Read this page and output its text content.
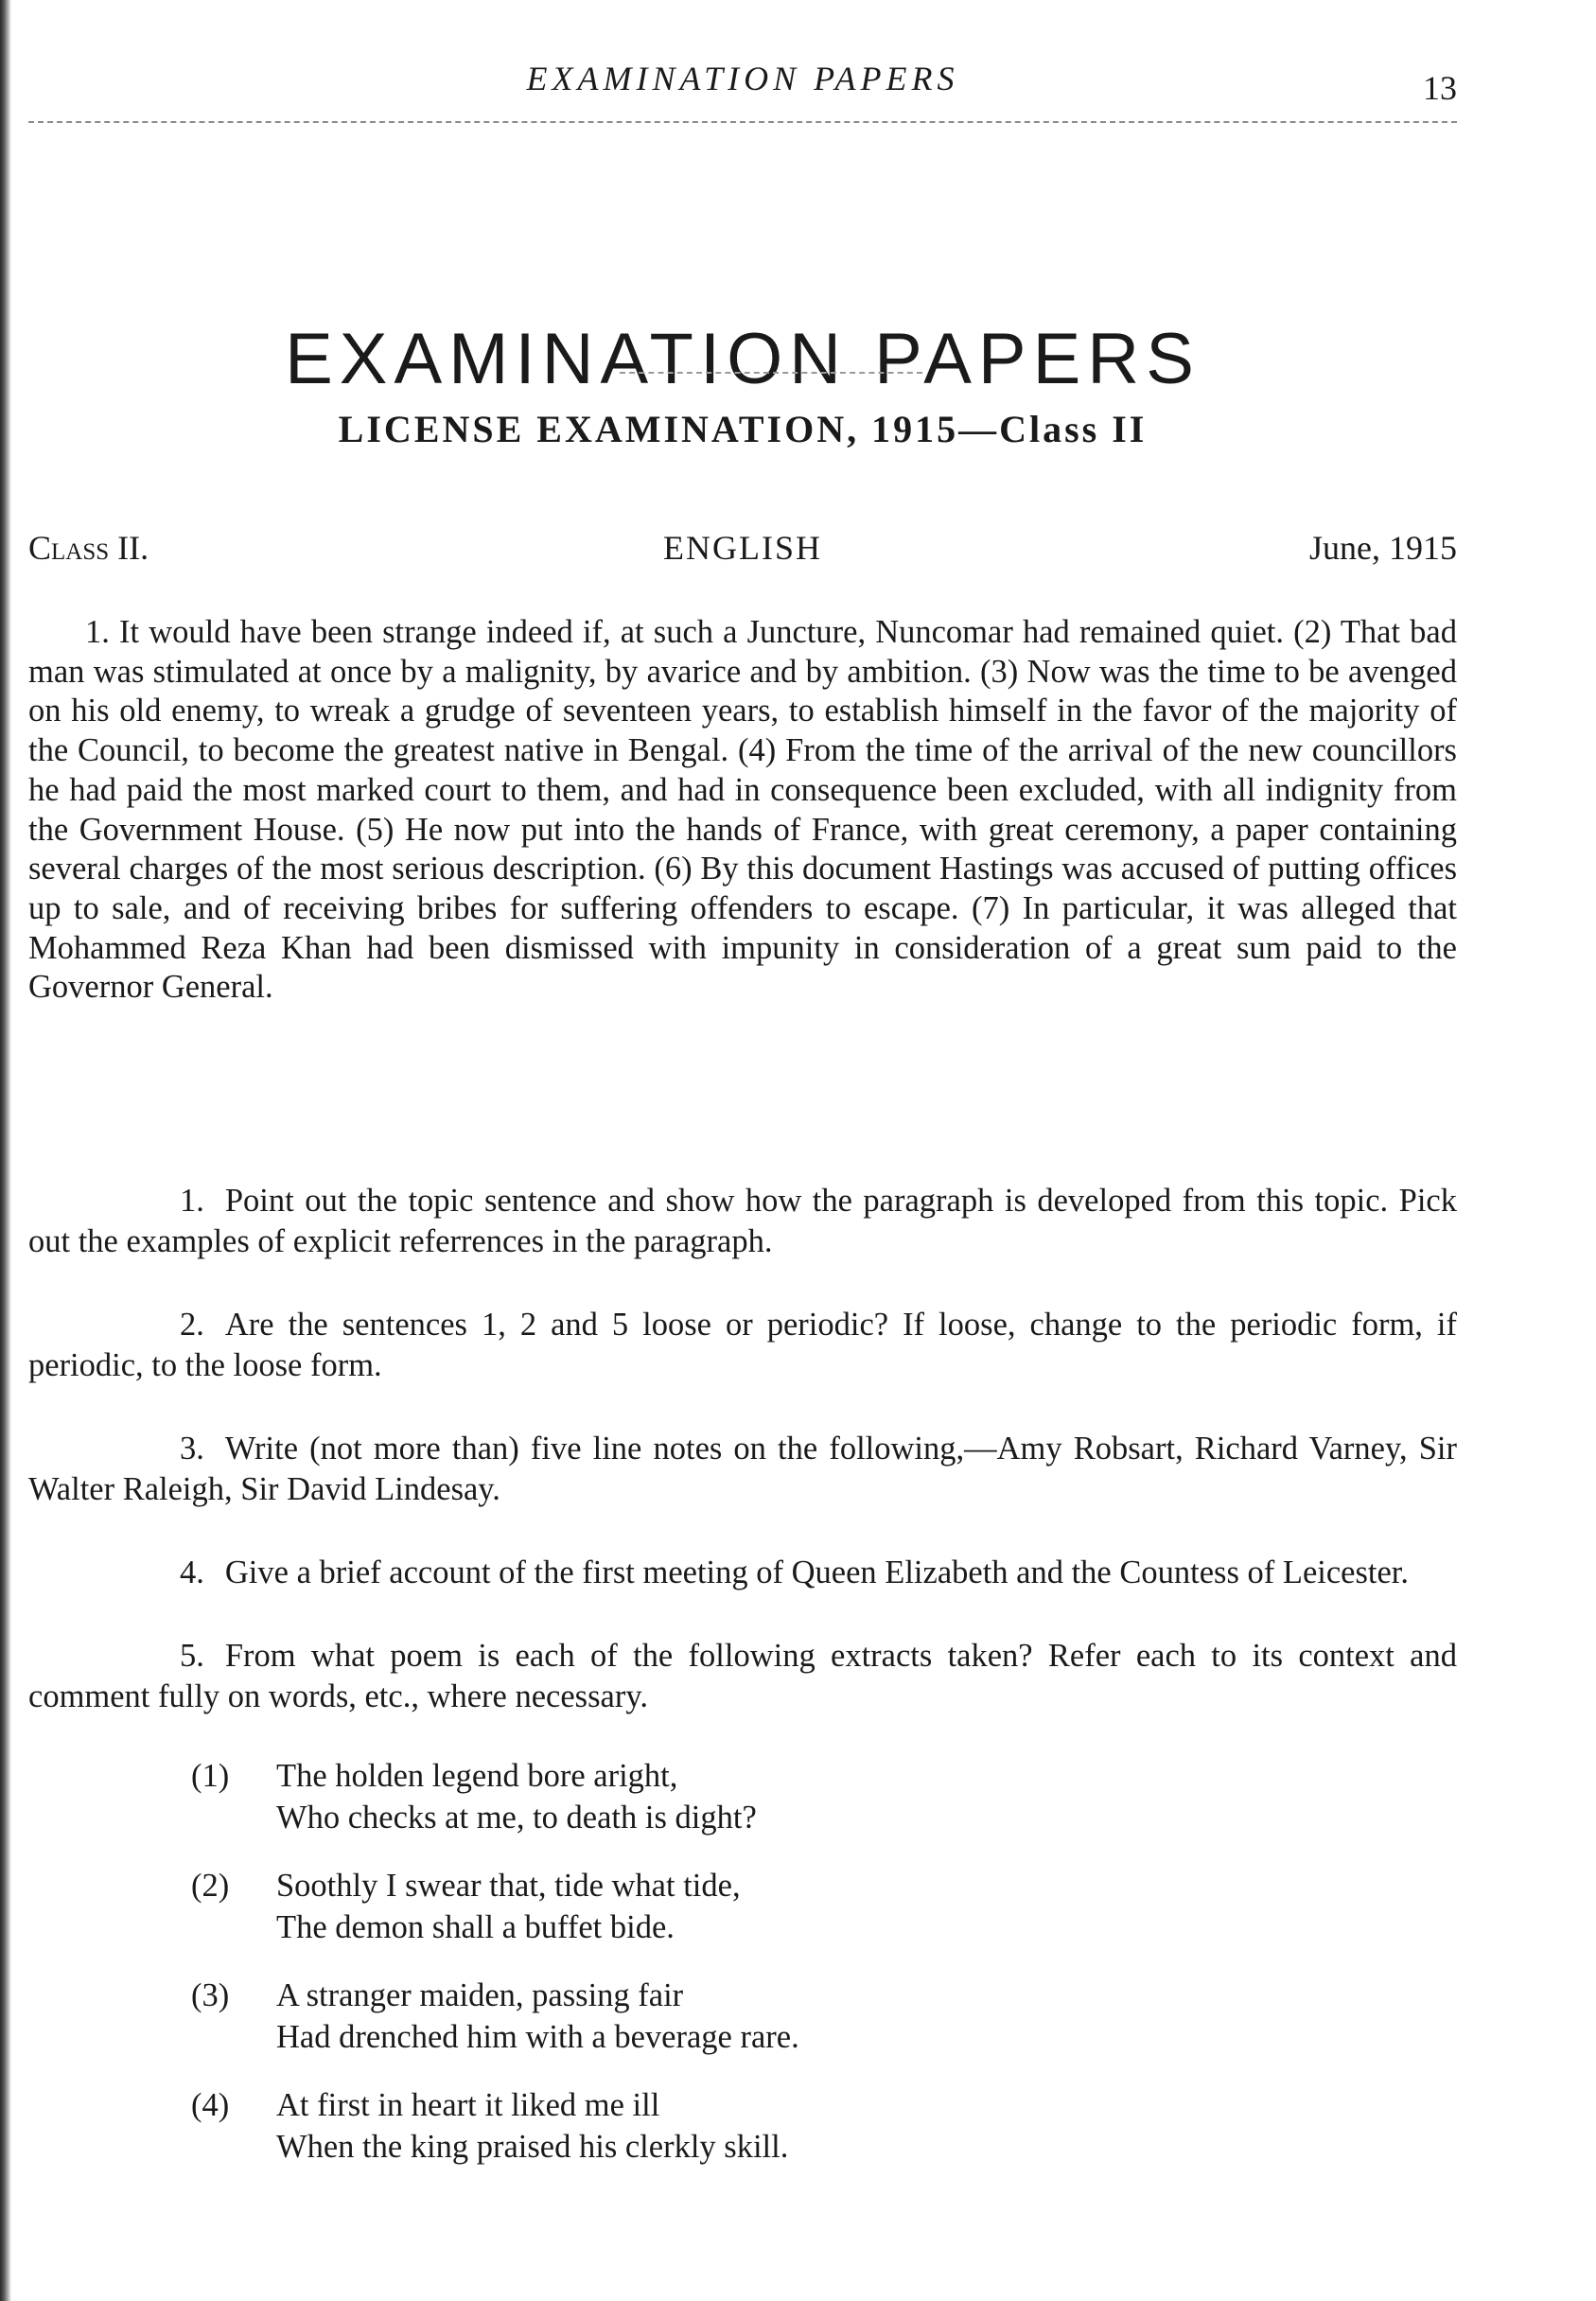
EXAMINATION PAPERS	13
EXAMINATION PAPERS
LICENSE EXAMINATION, 1915—Class II
Class II.	ENGLISH	June, 1915

1. It would have been strange indeed if, at such a Juncture, Nuncomar had remained quiet. (2) That bad man was stimulated at once by a malignity, by avarice and by ambition. (3) Now was the time to be avenged on his old enemy, to wreak a grudge of seventeen years, to establish himself in the favor of the majority of the Council, to become the greatest native in Bengal. (4) From the time of the arrival of the new councillors he had paid the most marked court to them, and had in consequence been excluded, with all indignity from the Government House. (5) He now put into the hands of France, with great ceremony, a paper containing several charges of the most serious description. (6) By this document Hastings was accused of putting offices up to sale, and of receiving bribes for suffering offenders to escape. (7) In particular, it was alleged that Mohammed Reza Khan had been dismissed with impunity in consideration of a great sum paid to the Governor General.

1. Point out the topic sentence and show how the paragraph is developed from this topic. Pick out the examples of explicit referrences in the paragraph.

2. Are the sentences 1, 2 and 5 loose or periodic? If loose, change to the periodic form, if periodic, to the loose form.

3. Write (not more than) five line notes on the following,—Amy Robsart, Richard Varney, Sir Walter Raleigh, Sir David Lindesay.

4. Give a brief account of the first meeting of Queen Elizabeth and the Countess of Leicester.

5. From what poem is each of the following extracts taken? Refer each to its context and comment fully on words, etc., where necessary.

(1) The holden legend bore aright,
Who checks at me, to death is dight?
(2) Soothly I swear that, tide what tide,
The demon shall a buffet bide.
(3) A stranger maiden, passing fair
Had drenched him with a beverage rare.
(4) At first in heart it liked me ill
When the king praised his clerkly skill.
